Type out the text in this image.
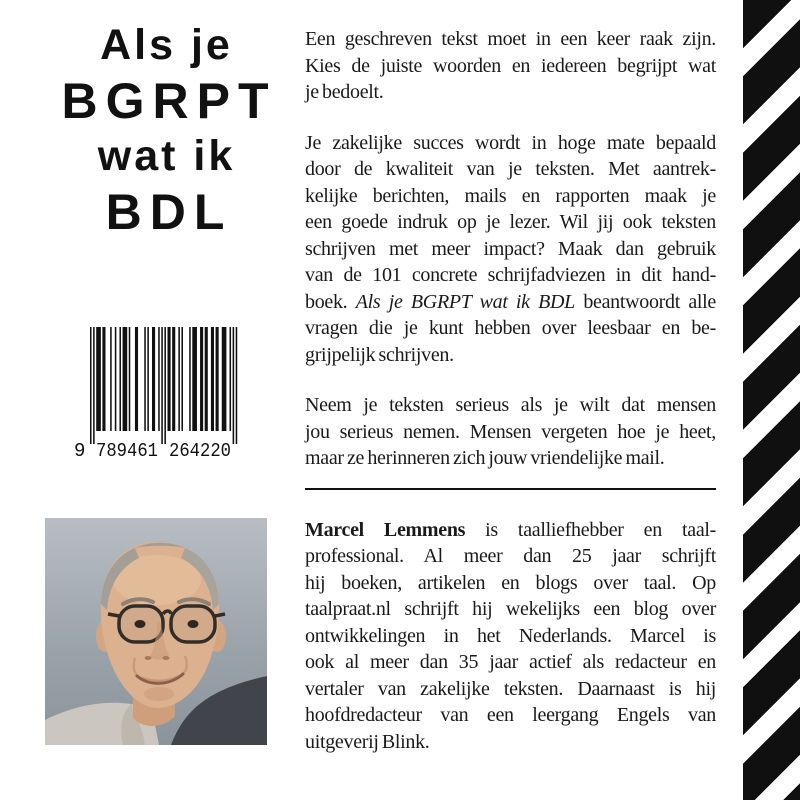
Als je
BGRPT
wat ik
BDL
9 789461 264220
Een geschreven tekst moet in een keer raak zijn.
Kies de juiste woorden en iedereen begrijpt wat
je bedoelt.
Je zakelijke succes wordt in hoge mate bepaald
door de kwaliteit van je teksten. Met aantrek-
kelijke berichten, mails en rapporten maak je
een goede indruk op je lezer. Wil jij ook teksten
schrijven met meer impact? Maak dan gebruik
van de 101 concrete schrijfadviezen in dit hand-
boek. Als je BGRPT wat ik BDL beantwoordt alle
vragen die je kunt hebben over leesbaar en be-
grijpelijk schrijven.
Neem je teksten serieus als je wilt dat mensen
jou serieus nemen. Mensen vergeten hoe je heet,
maar ze herinneren zich jouw vriendelijke mail.
Marcel Lemmens is taalliefhebber en taal-
professional. Al meer dan 25 jaar schrijft
hij boeken, artikelen en blogs over taal. Op
taalpraat.nl schrijft hij wekelijks een blog over
ontwikkelingen in het Nederlands. Marcel is
ook al meer dan 35 jaar actief als redacteur en
vertaler van zakelijke teksten. Daarnaast is hij
hoofdredacteur van een leergang Engels van
uitgeverij Blink.
